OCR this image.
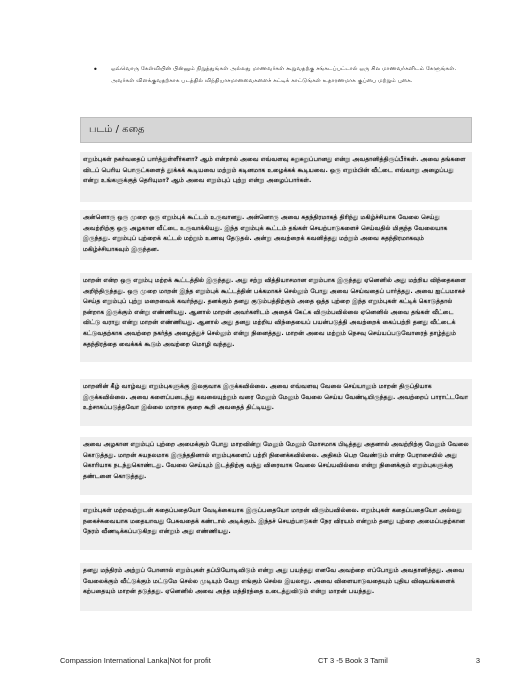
•	ஒவ்வொரு கேள்வியின் பின்னும் நிறுத்துங்கள் அல்லது மாணவர்கள் கூறுவதற்கு சங்கடப்பட்டால் ஒரு சில மாணவர்களிடம் கேளுங்கள். அவர்கள் விளக்குவதற்காக படத்தில் விந்தியாசமானவைகளைச் சுட்டிக் காட்டுங்கள் உதாரணமாக குப்பை மற்றும் புகை.
படம் / கதை
எறும்புகள் நகர்வதைப் பார்த்துள்ளீர்களா? ஆம் என்றால் அவை எவ்வளவு சுறுசுறுப்பானது என்று அவதானித்திருப்பீர்கள். அவை தங்களை விடப் பெரிய பொருட்களைத் தூக்கக் கூடியவை மற்றும் கடினமாக உழைக்கக் கூடியவை. ஒரு எறும்பின் வீட்டை எவ்வாறு அழைப்பது என்று உங்களுக்குத் தெரியுமா? ஆம் அவை எறும்புப் புற்று என்று அழைப்பார்கள்.
அன்னொரு ஒரு முறை ஒரு எறும்புக் கூட்டம் உருவானது. அன்னொரு அவை சுதந்திரமாகத் திரிந்து மகிழ்ச்சியாக வேலை செய்து அவற்றிற்கு ஒரு அழகான வீட்டை உருவாக்கியது. இந்த எறும்புக் கூட்டம் தங்கள் செயற்பாடுகளைச் செய்வதில் மிகுந்த வேலையாக இருந்தது. எறும்புப் புற்றைக் கட்டல் மற்றும் உணவு தேடுதல். அன்று அவற்றைக் கவனித்தது மற்றும் அவை சுதந்திரமாகவும் மகிழ்ச்சியாகவும் இருந்தன.
மாறன் என்ற ஒரு எறும்பு மற்றக் கூட்டத்தில் இருந்தது. அது சற்று வித்தியாசமான எறும்பாக இருந்தது ஏனெனில் அது மற்றிய விந்தைகளை அறிந்திருந்தது. ஒரு முறை மாறன் இந்த எறும்புக் கூட்டத்தின் பக்கமாகச் செல்லும் போது அவை செய்வதைப் பார்த்தது. அவை ஐட்பமாகச் செய்த எறும்புப் புற்று மறைவைக் கவர்ந்தது. தனக்கும் தனது குடும்பத்திற்கும் அதை ஒத்த புற்றை இந்த எறும்புகள் கட்டிக் கொடுத்தால் நன்றாக இருக்கும் என்று எண்ணியது. ஆனால் மாறன் அவர்களிடம் அதைக் கேட்க விரும்பவில்லை ஏனெனில் அவை தங்கள் வீட்டை விட்டு வராது என்று மாறன் எண்ணியது. ஆனால் அது தனது மற்றிய விந்தையைப் பயன்படுத்தி அவற்றைக் கைப்பற்றி தனது வீட்டைக் கட்டுவதற்காக அவற்றை நகர்த்த அழைத்துச் செல்லும் என்று நினைத்தது. மாறன் அவை மற்றும் நெசவு செய்யப்படுவோரைத் தாழ்த்தும் சுதந்திரத்தை வைக்கக் கூடும் அவற்றை மொழி வந்தது.
மாறனின் கீழ் வாழ்வது எறும்புகளுக்கு இலகுவாக இருக்கவில்லை. அவை எவ்வளவு வேலை செய்யாலும் மாறன் திருப்தியாக இருக்கவில்லை. அவை களைப்படைந்து கவலையுற்றும் வரை மேலும் மேலும் வேலை செய்ய வேண்டியிருந்தது. அவற்றைப் பாராட்டவோ உற்சாகப்படுத்தவோ இல்லை மாறாக குறை கூறி அவதைத் திட்டியது.
அவை அழகான எறும்புப் புற்றை அமைக்கும் போது மாறவின்று மேலும் மேலும் மோசமாக பிடித்தது அதனால் அவற்றிற்கு மேலும் வேலை கொடுத்தது. மாறன் சுயநலமாக இருந்ததினால் எறும்புகளைப் பற்றி நினைக்கவில்லை. அதிகம் பெற வேண்டும் என்ற பேராசையில் அது கொரியாக நடந்துகொண்டது. வேலை செய்யும் இடத்திற்கு வந்து விரைவாக வேலை செய்யவில்லை என்று நினைக்கும் எறும்புகளுக்கு தண்டனை கொடுத்தது.
எறும்புகள் மற்றவற்றுடன் கதைப்பதையோ வேடிக்கையாக இருப்பதையோ மாறன் விரும்பவில்லை. எறும்புகள் கதைப்பதையோ அல்லது நகைச்சுவையாக மதையாவது பேசுவதைக் கண்டால் அடிக்கும். இந்தச் செயற்பாடுகள் நேர விரயம் என்றும் தனது புற்றை அமைப்பதற்கான நேரம் வீணடிக்கப்படுகிறது என்றும் அது எண்ணியது.
தனது மந்திரம் அற்றுப் போனால் எறும்புகள் தப்பியோடிவிடும் என்று அது பயந்தது எனவே அவற்றை எப்போதும் அவதானித்தது. அவை வேலைக்கும் வீட்டுக்கும் மட்டுமே செல்ல முடியும் வேறு எங்கும் செல்ல இயலாது. அவை விளையாடுவதையும் புதிய விஷயங்களைக் கற்பதையும் மாறன் தடுத்தது. ஏனெனில் அவை அந்த மந்திரத்தை உடைத்துவிடும் என்று மாறன் பயந்தது.
Compassion International Lanka|Not for profit	CT 3 -5 Book 3 Tamil	3
